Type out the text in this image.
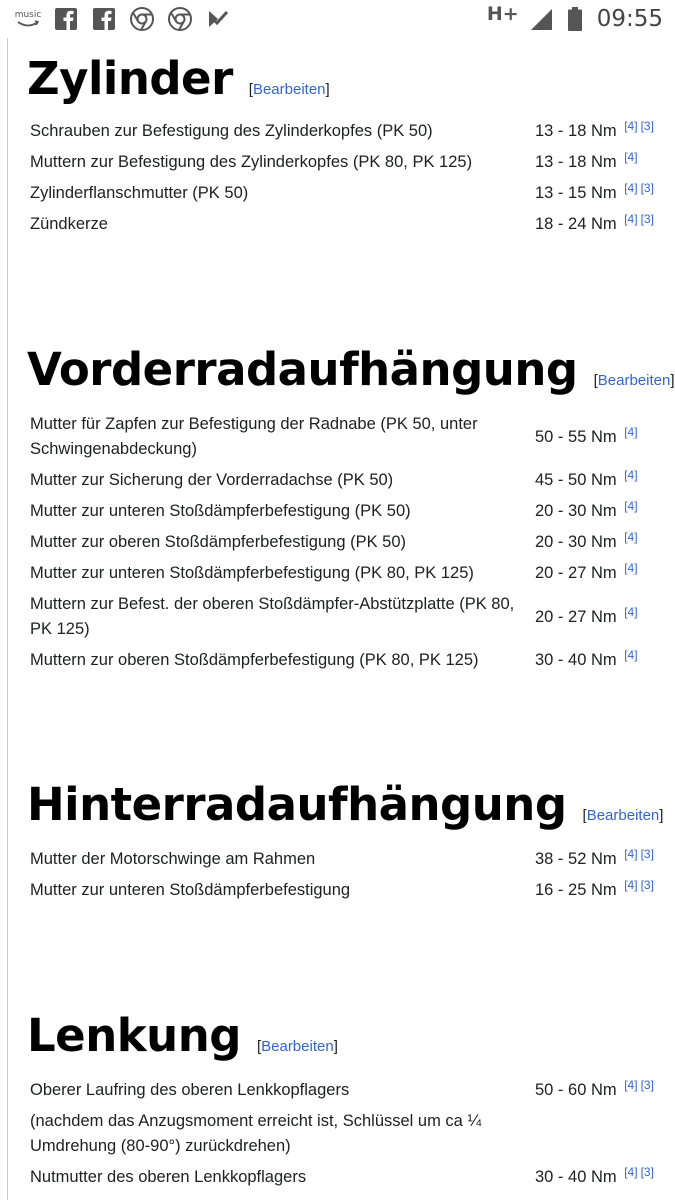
music	H+	09:55
Zylinder [Bearbeiten]
Schrauben zur Befestigung des Zylinderkopfes (PK 50)	13 - 18 Nm [4] [3]
Muttern zur Befestigung des Zylinderkopfes (PK 80, PK 125)	13 - 18 Nm [4]
Zylinderflanschmutter (PK 50)	13 - 15 Nm [4] [3]
Zündkerze	18 - 24 Nm [4] [3]
Vorderradaufhängung [Bearbeiten]
Mutter für Zapfen zur Befestigung der Radnabe (PK 50, unter Schwingenabdeckung)	50 - 55 Nm [4]
Mutter zur Sicherung der Vorderradachse (PK 50)	45 - 50 Nm [4]
Mutter zur unteren Stoßdämpferbefestigung (PK 50)	20 - 30 Nm [4]
Mutter zur oberen Stoßdämpferbefestigung (PK 50)	20 - 30 Nm [4]
Mutter zur unteren Stoßdämpferbefestigung (PK 80, PK 125)	20 - 27 Nm [4]
Muttern zur Befest. der oberen Stoßdämpfer-Abstützplatte (PK 80, PK 125)	20 - 27 Nm [4]
Muttern zur oberen Stoßdämpferbefestigung (PK 80, PK 125)	30 - 40 Nm [4]
Hinterradaufhängung [Bearbeiten]
Mutter der Motorschwinge am Rahmen	38 - 52 Nm [4] [3]
Mutter zur unteren Stoßdämpferbefestigung	16 - 25 Nm [4] [3]
Lenkung [Bearbeiten]
Oberer Laufring des oberen Lenkkopflagers	50 - 60 Nm [4] [3]
(nachdem das Anzugsmoment erreicht ist, Schlüssel um ca ¼ Umdrehung (80-90°) zurückdrehen)	
Nutmutter des oberen Lenkkopflagers	30 - 40 Nm [4] [3]
